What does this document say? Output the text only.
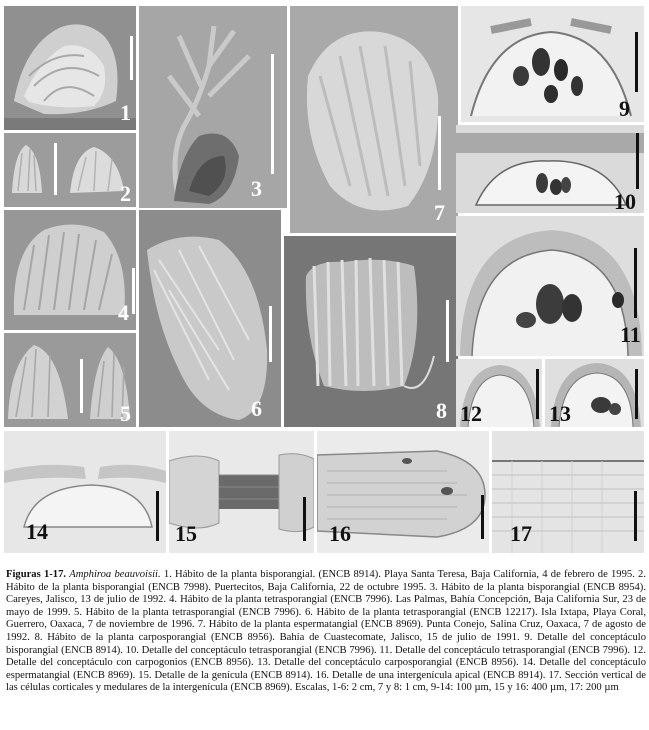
1
2	3
4
5	6
7
8
9
10
11
12	13
14	15	16	17
Figuras 1-17. Amphiroa beauvoisii. 1. Hábito de la planta bisporangial. (ENCB 8914). Playa Santa Teresa, Baja California, 4 de febrero de 1995. 2. Hábito de la planta bisporangial (ENCB 7998). Puertecitos, Baja California, 22 de octubre 1995. 3. Hábito de la planta bisporangial (ENCB 8954). Careyes, Jalisco, 13 de julio de 1992. 4. Hábito de la planta tetrasporangial (ENCB 7996). Las Palmas, Bahía Concepción, Baja California Sur, 23 de mayo de 1999. 5. Hábito de la planta tetrasporangial (ENCB 7996). 6. Hábito de la planta tetrasporangial (ENCB 12217). Isla Ixtapa, Playa Coral, Guerrero, Oaxaca, 7 de noviembre de 1996. 7. Hábito de la planta espermatangial (ENCB 8969). Punta Conejo, Salina Cruz, Oaxaca, 7 de agosto de 1992. 8. Hábito de la planta carposporangial (ENCB 8956). Bahía de Cuastecomate, Jalisco, 15 de julio de 1991. 9. Detalle del conceptáculo bisporangial (ENCB 8914). 10. Detalle del conceptáculo tetrasporangial (ENCB 7996). 11. Detalle del conceptáculo tetrasporangial (ENCB 7996). 12. Detalle del conceptáculo con carpogonios (ENCB 8956). 13. Detalle del conceptáculo carposporangial (ENCB 8956). 14. Detalle del conceptáculo espermatangial (ENCB 8969). 15. Detalle de la genícula (ENCB 8914). 16. Detalle de una intergenícula apical (ENCB 8914). 17. Sección vertical de las células corticales y medulares de la intergenícula (ENCB 8969). Escalas, 1-6: 2 cm, 7 y 8: 1 cm, 9-14: 100 µm, 15 y 16: 400 µm, 17: 200 µm
